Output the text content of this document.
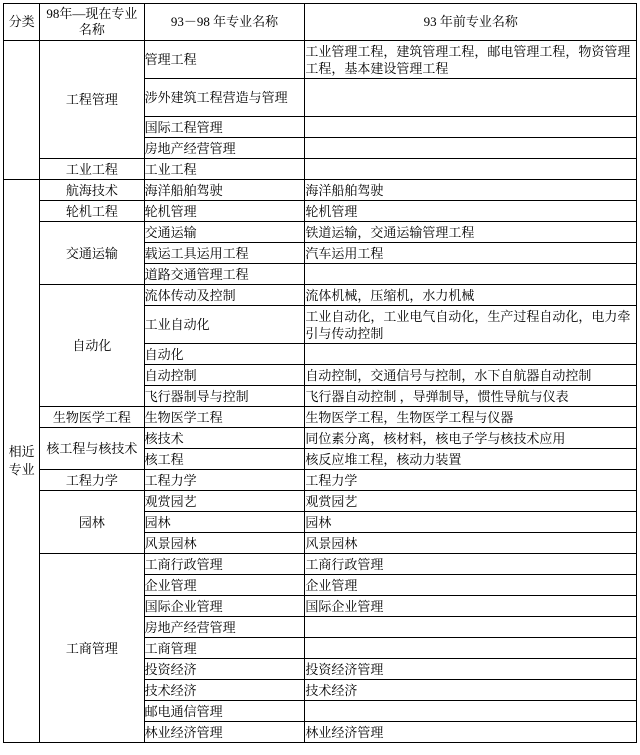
分类	98年—现在专业名称	93－98 年专业名称	93 年前专业名称
	工程管理	管理工程	工业管理工程，建筑管理工程，邮电管理工程，物资管理工程，基本建设管理工程
		涉外建筑工程营造与管理	
		国际工程管理	
		房地产经营管理	
	工业工程	工业工程	
相近专业	航海技术	海洋船舶驾驶	海洋船舶驾驶
	轮机工程	轮机管理	轮机管理
	交通运输	交通运输	铁道运输，交通运输管理工程
		载运工具运用工程	汽车运用工程
		道路交通管理工程	
	自动化	流体传动及控制	流体机械，压缩机，水力机械
		工业自动化	工业自动化，工业电气自动化，生产过程自动化，电力牵引与传动控制
		自动化	
		自动控制	自动控制，交通信号与控制，水下自航器自动控制
		飞行器制导与控制	飞行器自动控制 ，导弹制导，惯性导航与仪表
	生物医学工程	生物医学工程	生物医学工程，生物医学工程与仪器
	核工程与核技术	核技术	同位素分离，核材料，核电子学与核技术应用
		核工程	核反应堆工程，核动力装置
	工程力学	工程力学	工程力学
	园林	观赏园艺	观赏园艺
		园林	园林
		风景园林	风景园林
	工商管理	工商行政管理	工商行政管理
		企业管理	企业管理
		国际企业管理	国际企业管理
		房地产经营管理	
		工商管理	
		投资经济	投资经济管理
		技术经济	技术经济
		邮电通信管理	
		林业经济管理	林业经济管理
